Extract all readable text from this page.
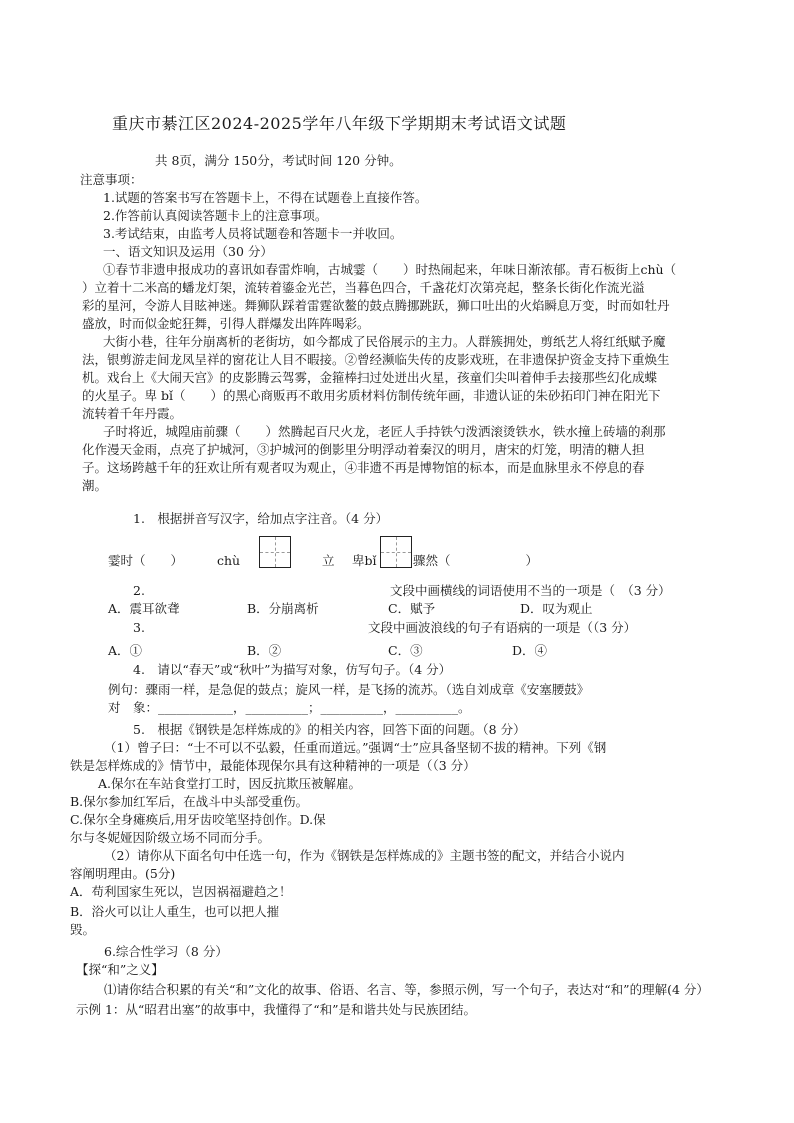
重庆市綦江区2024-2025学年八年级下学期期末考试语文试题
共 8页，满分 150分，考试时间 120 分钟。
注意事项：
1.试题的答案书写在答题卡上，不得在试题卷上直接作答。
2.作答前认真阅读答题卡上的注意事项。
3.考试结束，由监考人员将试题卷和答题卡一并收回。
一、语文知识及运用（30 分）
①春节非遗申报成功的喜讯如春雷炸响，古城霎（　　）时热闹起来，年味日渐浓郁。青石板街上chù（
）立着十二米高的蟠龙灯架，流转着鎏金光芒，当暮色四合，千盏花灯次第亮起，整条长街化作流光溢
彩的星河，令游人目眩神迷。舞狮队踩着雷霆欲鳌的鼓点腾挪跳跃，狮口吐出的火焰瞬息万变，时而如牡丹
盛放，时而似金蛇狂舞，引得人群爆发出阵阵喝彩。
大街小巷，往年分崩离析的老街坊，如今都成了民俗展示的主力。人群簇拥处，剪纸艺人将红纸赋予魔
法，银剪游走间龙凤呈祥的窗花让人目不暇接。②曾经濒临失传的皮影戏班，在非遗保护资金支持下重焕生
机。戏台上《大闹天宫》的皮影腾云驾雾，金箍棒扫过处迸出火星，孩童们尖叫着伸手去接那些幻化成蝶
的火星子。卑 bǐ（　　）的黑心商贩再不敢用劣质材料仿制传统年画，非遗认证的朱砂拓印门神在阳光下
流转着千年丹霞。
子时将近，城隍庙前骤（　　）然腾起百尺火龙，老匠人手持铁勺泼洒滚烫铁水，铁水撞上砖墙的刹那
化作漫天金雨，点亮了护城河，③护城河的倒影里分明浮动着秦汉的明月，唐宋的灯笼，明清的糖人担
子。这场跨越千年的狂欢让所有观者叹为观止，④非遗不再是博物馆的标本，而是血脉里永不停息的春
潮。
1.　根据拼音写汉字，给加点字注音。（4 分）
霎时（　　）	chù	立 卑bǐ	骤然（　　　　　　）
2.	文段中画横线的词语使用不当的一项是（　（3 分）
A．震耳欲聋	B．分崩离析	C．赋予	D．叹为观止
3.	文段中画波浪线的句子有语病的一项是（（3 分）
A．①	B．②	C．③	D．④
4.　请以“春天”或“秋叶”为描写对象，仿写句子。（4 分）
例句：骤雨一样，是急促的鼓点；旋风一样，是飞扬的流苏。（选自刘成章《安塞腰鼓》
对　象：____________，__________；__________，__________。
5.　根据《钢铁是怎样炼成的》的相关内容，回答下面的问题。（8 分）
（1）曾子曰：“士不可以不弘毅，任重而道远。”强调“士”应具备坚韧不拔的精神。下列《钢
铁是怎样炼成的》情节中，最能体现保尔具有这种精神的一项是（（3 分）
A.保尔在车站食堂打工时，因反抗欺压被解雇。
B.保尔参加红军后，在战斗中头部受重伤。
C.保尔全身瘫痪后,用牙齿咬笔坚持创作。D.保
尔与冬妮娅因阶级立场不同而分手。
（2）请你从下面名句中任选一句，作为《钢铁是怎样炼成的》主题书签的配文，并结合小说内
容阐明理由。(5分)
A．苟利国家生死以，岂因祸福避趋之！
B．浴火可以让人重生，也可以把人摧
毁。
6.综合性学习（8 分）
【探“和”之义】
⑴请你结合积累的有关“和”文化的故事、俗语、名言、等，参照示例，写一个句子，表达对“和”的理解(4 分）
示例 1：从“昭君出塞”的故事中，我懂得了“和”是和谐共处与民族团结。
